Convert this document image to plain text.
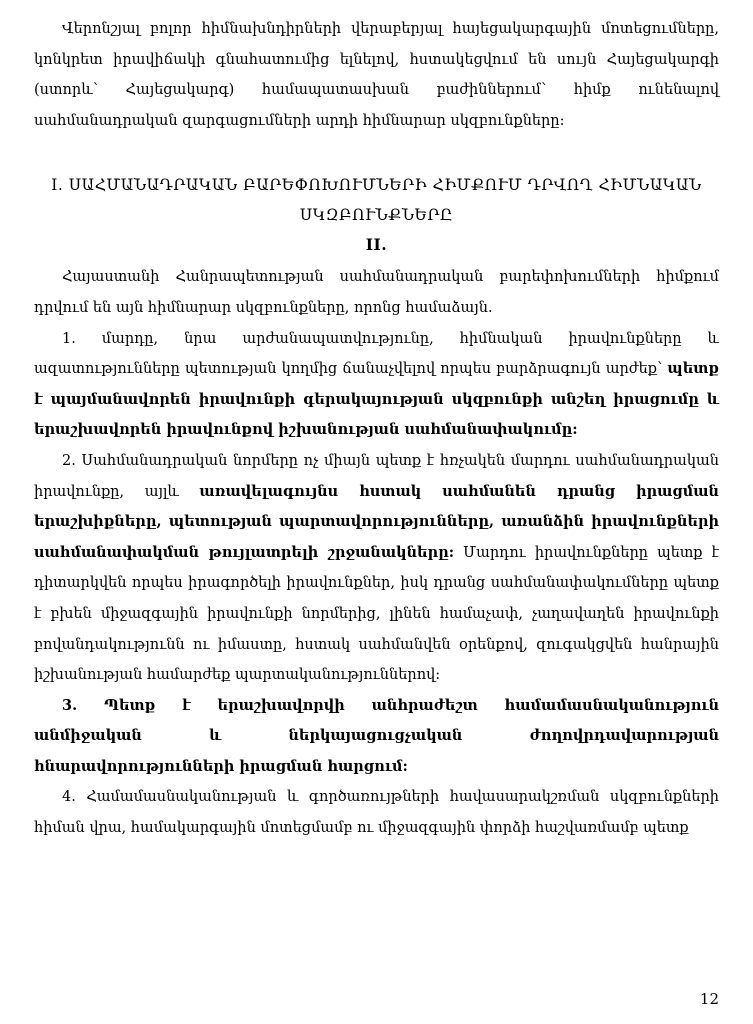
Վերոնշյալ բոլոր հիմնախնդիրների վերաբերյալ հայեցակարգային մոտեցումները, կոնկրետ իրավիճակի գնահատումից ելնելով, հստակեցվում են սույն Հայեցակարգի (ստորև՝ Հայեցակարգ) համապատասխան բաժիններում՝ հիմք ունենալով սահմանադրական զարգացումների արդի հիմնարար սկզբունքները:

I. ՍԱՀՄԱՆԱԴՐԱԿԱՆ ԲԱՐԵՓՈԽՈՒՄՆԵՐԻ ՀԻՄՔՈՒՄ ԴՐՎՈՂ ՀԻՄՆԱԿԱՆ ՍԿԶԲՈՒՆՔՆԵՐԸ

II.

Հայաստանի Հանրապետության սահմանադրական բարեփոխումների հիմքում դրվում են այն հիմնարար սկզբունքները, որոնց համաձայն.

1. մարդը, նրա արժանապատվությունը, հիմնական իրավունքները և ազատությունները պետության կողմից ճանաչվելով որպես բարձրագույն արժեք՝ պետք է պայմանավորեն իրավունքի գերակայության սկզբունքի անշեղ իրացումը և երաշխավորեն իրավունքով իշխանության սահմանափակումը:

2. Սահմանադրական նորմերը ոչ միայն պետք է հռչակեն մարդու սահմանադրական իրավունքը, այլև առավելագույնս հստակ սահմանեն դրանց իրացման երաշխիքները, պետության պարտավորությունները, առանձին իրավունքների սահմանափակման թույլատրելի շրջանակները: Մարդու իրավունքները պետք է դիտարկվեն որպես իրագործելի իրավունքներ, իսկ դրանց սահմանափակումները պետք է բխեն միջազգային իրավունքի նորմերից, լինեն համաչափ, չաղավաղեն իրավունքի բովանդակությունն ու իմաստը, հստակ սահմանվեն օրենքով, զուգակցվեն հանրային իշխանության համարժեք պարտականություններով:

3. Պետք է երաշխավորվի անհրաժեշտ համամասնականություն անմիջական և ներկայացուցչական ժողովրդավարության հնարավորությունների իրացման հարցում:

4. Համամասնականության և գործառույթների հավասարակշռման սկզբունքների հիման վրա, համակարգային մոտեցմամբ ու միջազգային փորձի հաշվառմամբ պետք

12
